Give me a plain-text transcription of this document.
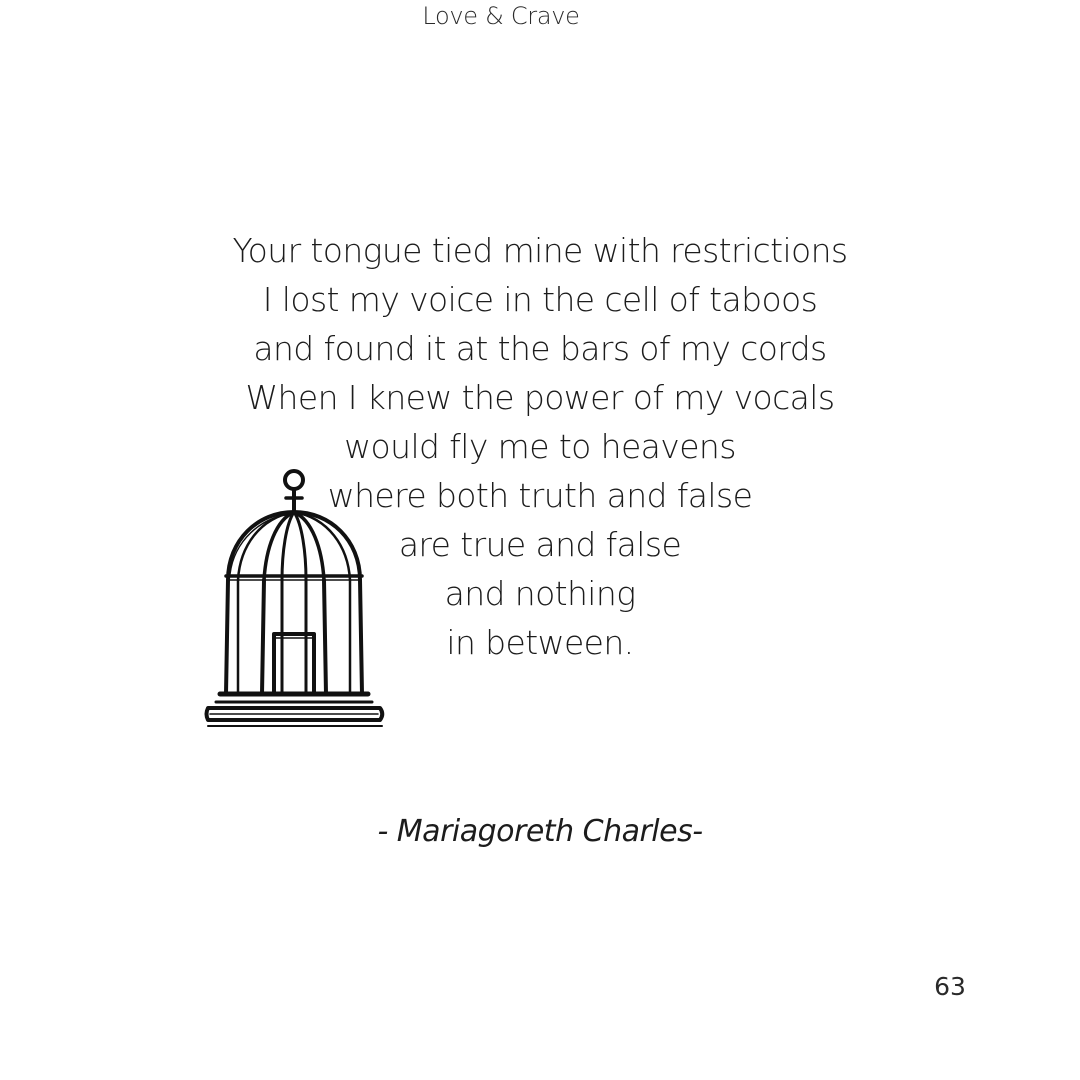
Love & Crave
Your tongue tied mine with restrictions
I lost my voice in the cell of taboos
and found it at the bars of my cords
When I knew the power of my vocals
would fly me to heavens
where both truth and false
are true and false
and nothing
in between.
- Mariagoreth Charles-
63
